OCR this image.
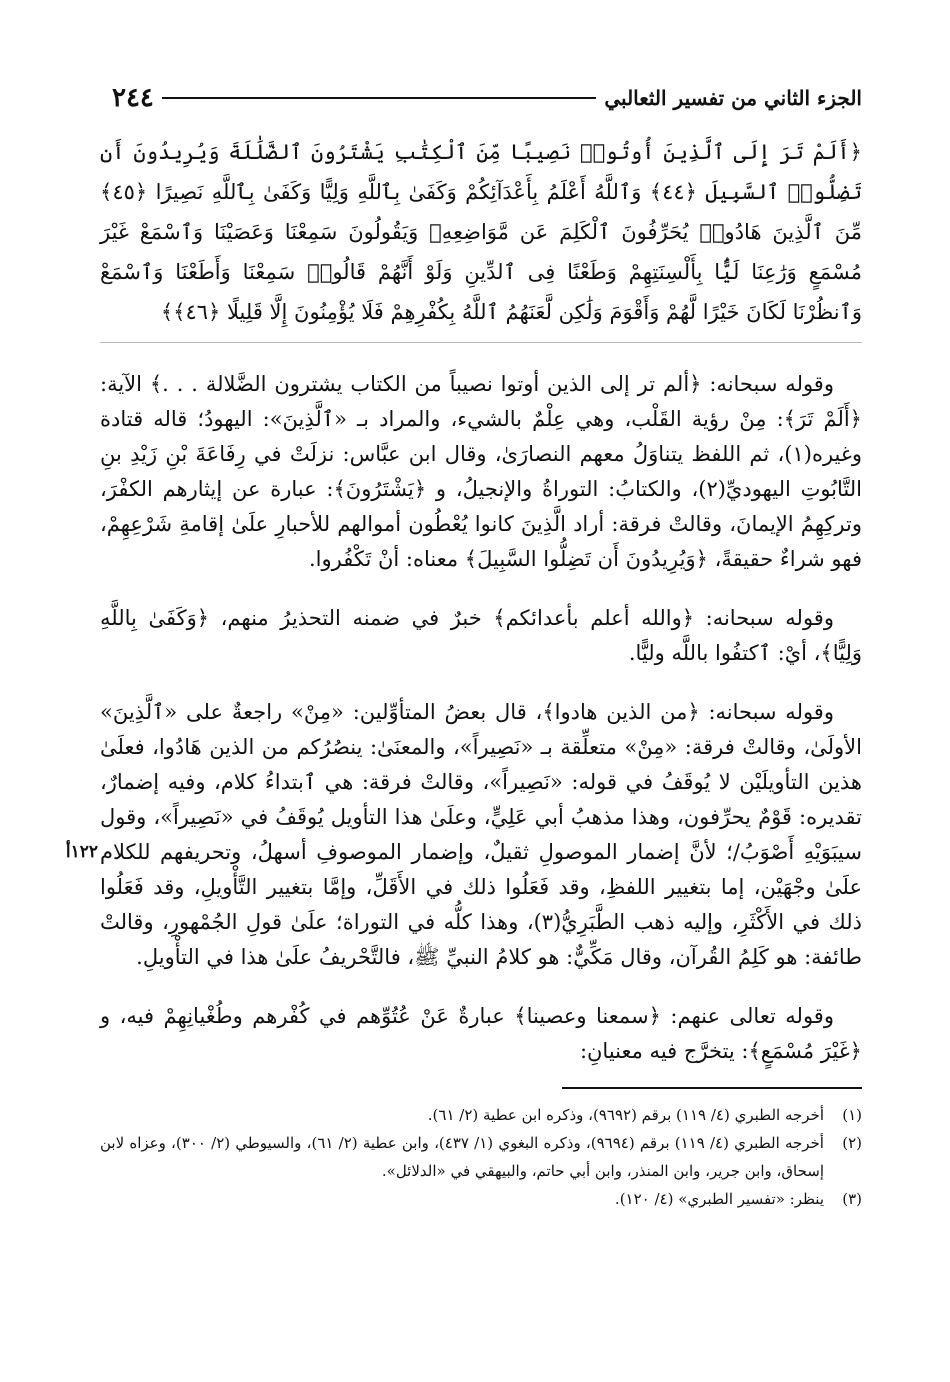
١٢٢أ
الجزء الثاني من تفسير الثعالبي
٢٤٤
﴿أَلَمْ تَرَ إِلَى ٱلَّذِينَ أُوتُوا۟ نَصِيبًا مِّنَ ٱلْكِتَٰبِ يَشْتَرُونَ ٱلضَّلَٰلَةَ وَيُرِيدُونَ أَن تَضِلُّوا۟ ٱلسَّبِيلَ ﴿٤٤﴾ وَٱللَّهُ أَعْلَمُ بِأَعْدَآئِكُمْ وَكَفَىٰ بِٱللَّهِ وَلِيًّا وَكَفَىٰ بِٱللَّهِ نَصِيرًا ﴿٤٥﴾ مِّنَ ٱلَّذِينَ هَادُوا۟ يُحَرِّفُونَ ٱلْكَلِمَ عَن مَّوَاضِعِهِۦ وَيَقُولُونَ سَمِعْنَا وَعَصَيْنَا وَٱسْمَعْ غَيْرَ مُسْمَعٍ وَرَٰعِنَا لَيًّۢا بِأَلْسِنَتِهِمْ وَطَعْنًا فِى ٱلدِّينِ وَلَوْ أَنَّهُمْ قَالُوا۟ سَمِعْنَا وَأَطَعْنَا وَٱسْمَعْ وَٱنظُرْنَا لَكَانَ خَيْرًا لَّهُمْ وَأَقْوَمَ وَلَٰكِن لَّعَنَهُمُ ٱللَّهُ بِكُفْرِهِمْ فَلَا يُؤْمِنُونَ إِلَّا قَلِيلًا ﴿٤٦﴾﴾

وقوله سبحانه: ﴿ألم تر إلى الذين أوتوا نصيباً من الكتاب يشترون الضَّلالة . . .﴾ الآية: ﴿أَلَمْ تَرَ﴾: مِنْ رؤية القَلْب، وهي عِلْمٌ بالشيء، والمراد بـ «ٱلَّذِينَ»: اليهودُ؛ قاله قتادة وغيره(١)، ثم اللفظ يتناوَلُ معهم النصارَىٰ، وقال ابن عبَّاس: نزلَتْ في رِفَاعَةَ بْنِ زَيْدِ بنِ التَّابُوتِ اليهوديِّ(٢)، والكتابُ: التوراةُ والإنجيلُ، و ﴿يَشْتَرُونَ﴾: عبارة عن إيثارهم الكفْرَ، وتركِهِمُ الإيمانَ، وقالتْ فرقة: أراد الَّذِينَ كانوا يُعْطُون أموالهم للأحبارِ علَىٰ إقامةِ شَرْعِهِمْ، فهو شراءٌ حقيقةً، ﴿وَيُرِيدُونَ أَن تَضِلُّوا السَّبِيلَ﴾ معناه: أنْ تَكْفُروا.

وقوله سبحانه: ﴿والله أعلم بأعدائكم﴾ خبرٌ في ضمنه التحذيرُ منهم، ﴿وَكَفَىٰ بِاللَّهِ وَلِيًّا﴾، أيْ: ٱكتفُوا باللَّه وليًّا.

وقوله سبحانه: ﴿من الذين هادوا﴾، قال بعضُ المتأوِّلين: «مِنْ» راجعةٌ على «ٱلَّذِينَ» الأولَىٰ، وقالتْ فرقة: «مِنْ» متعلِّقة بـ «نَصِيراً»، والمعنَىٰ: ينصُرُكم من الذين هَادُوا، فعلَىٰ هذين التأويلَيْن لا يُوقَفُ في قوله: «نَصِيراً»، وقالتْ فرقة: هي ٱبتداءُ كلام، وفيه إضمارٌ، تقديره: قَوْمٌ يحرِّفون، وهذا مذهبُ أبي عَلِيٍّ، وعلَىٰ هذا التأويل يُوقَفُ في «نَصِيراً»، وقول سيبَوَيْهِ أَصْوَبُ/؛ لأنَّ إضمار الموصولِ ثقيلٌ، وإضمار الموصوفِ أسهلُ، وتحريفهم للكلام علَىٰ وجْهَيْن، إما بتغيير اللفظِ، وقد فَعَلُوا ذلك في الأَقَلِّ، وإمَّا بتغيير التَّأْويلِ، وقد فَعَلُوا ذلك في الأَكْثَرِ، وإليه ذهب الطَّبَرِيُّ(٣)، وهذا كلُّه في التوراة؛ علَىٰ قولِ الجُمْهورِ، وقالتْ طائفة: هو كَلِمُ القُرآن، وقال مَكِّيٌّ: هو كلامُ النبيِّ ﷺ، فالتَّحْريفُ علَىٰ هذا في التأْويلِ.

وقوله تعالى عنهم: ﴿سمعنا وعصينا﴾ عبارةٌ عَنْ عُتُوِّهم في كُفْرهم وطُغْيانِهِمْ فيه، و ﴿غَيْرَ مُسْمَعٍ﴾: يتخرَّج فيه معنيانِ:

(١)
أخرجه الطبري (٤/ ١١٩) برقم (٩٦٩٢)، وذكره ابن عطية (٢/ ٦١).
(٢)
أخرجه الطبري (٤/ ١١٩) برقم (٩٦٩٤)، وذكره البغوي (١/ ٤٣٧)، وابن عطية (٢/ ٦١)، والسيوطي (٢/ ٣٠٠)، وعزاه لابن إسحاق، وابن جرير، وابن المنذر، وابن أبي حاتم، والبيهقي في «الدلائل».
(٣)
ينظر: «تفسير الطبري» (٤/ ١٢٠).
